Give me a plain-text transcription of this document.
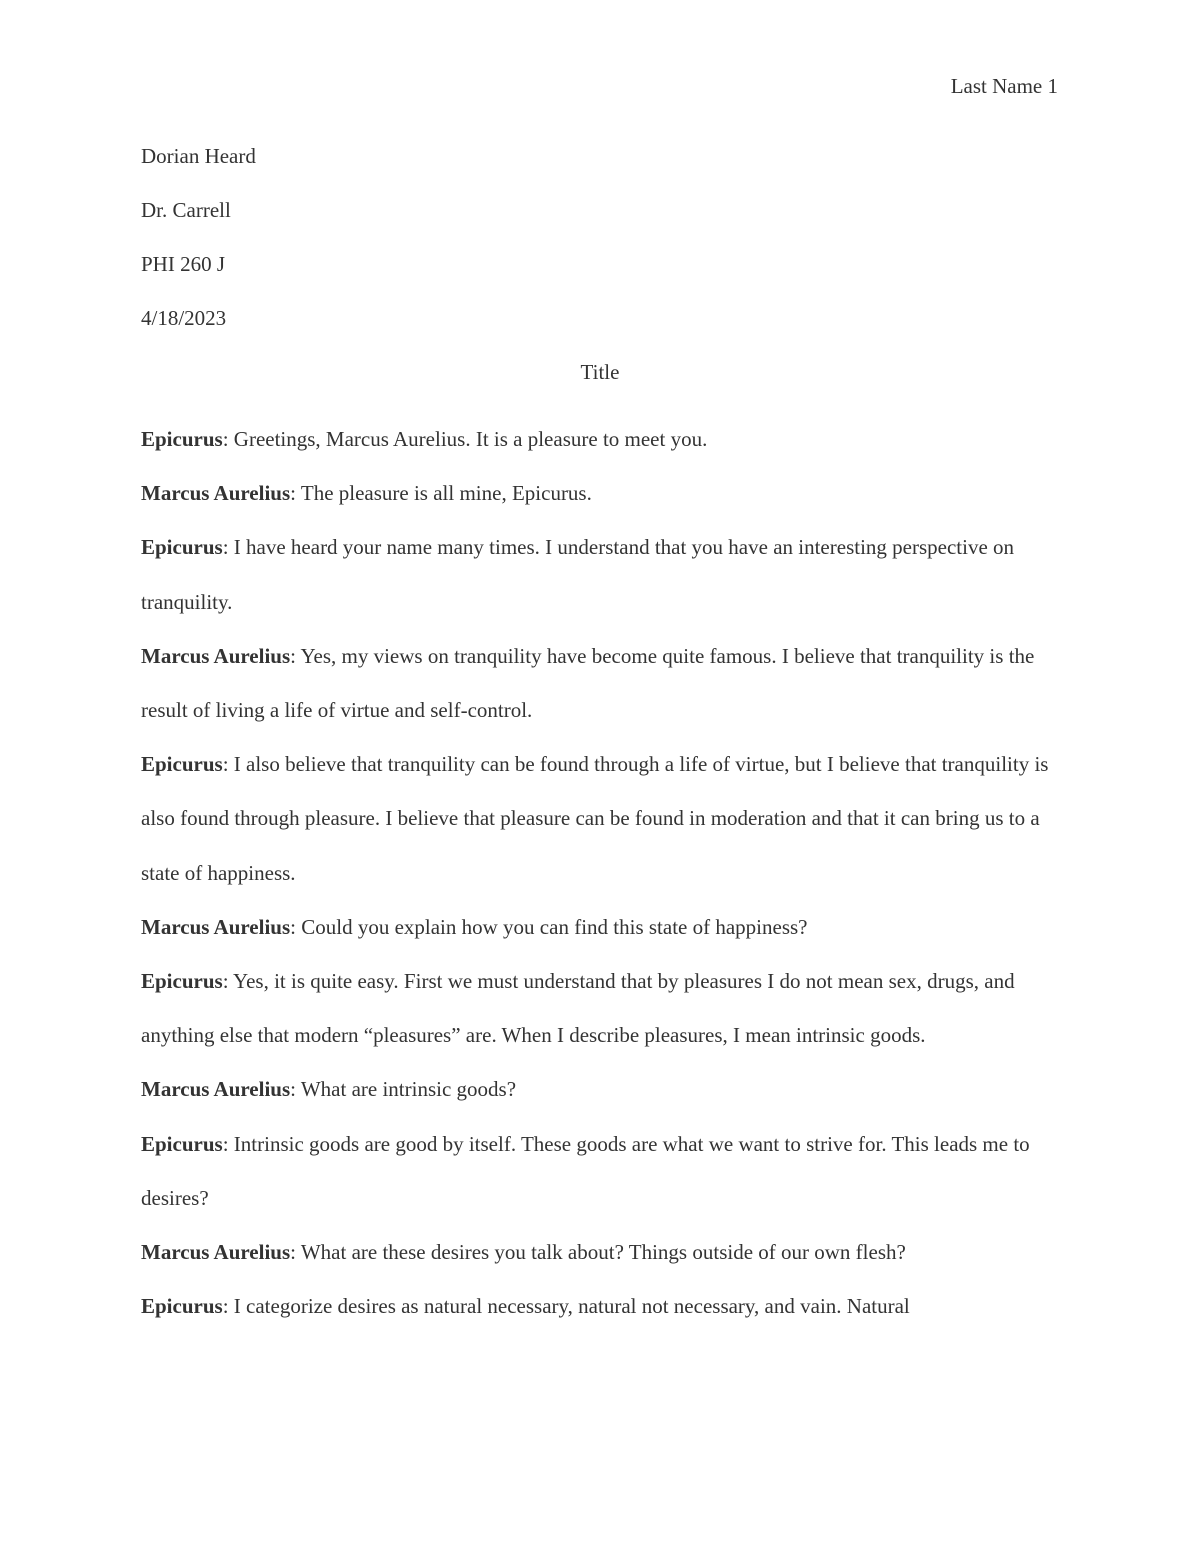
Last Name 1
Dorian Heard
Dr. Carrell
PHI 260 J
4/18/2023
Title

Epicurus: Greetings, Marcus Aurelius. It is a pleasure to meet you.

Marcus Aurelius: The pleasure is all mine, Epicurus.

Epicurus: I have heard your name many times. I understand that you have an interesting perspective on tranquility.

Marcus Aurelius: Yes, my views on tranquility have become quite famous. I believe that tranquility is the result of living a life of virtue and self-control.

Epicurus: I also believe that tranquility can be found through a life of virtue, but I believe that tranquility is also found through pleasure. I believe that pleasure can be found in moderation and that it can bring us to a state of happiness.

Marcus Aurelius: Could you explain how you can find this state of happiness?

Epicurus: Yes, it is quite easy. First we must understand that by pleasures I do not mean sex, drugs, and anything else that modern “pleasures” are. When I describe pleasures, I mean intrinsic goods.

Marcus Aurelius: What are intrinsic goods?

Epicurus: Intrinsic goods are good by itself. These goods are what we want to strive for. This leads me to desires?

Marcus Aurelius: What are these desires you talk about? Things outside of our own flesh?

Epicurus: I categorize desires as natural necessary, natural not necessary, and vain. Natural
